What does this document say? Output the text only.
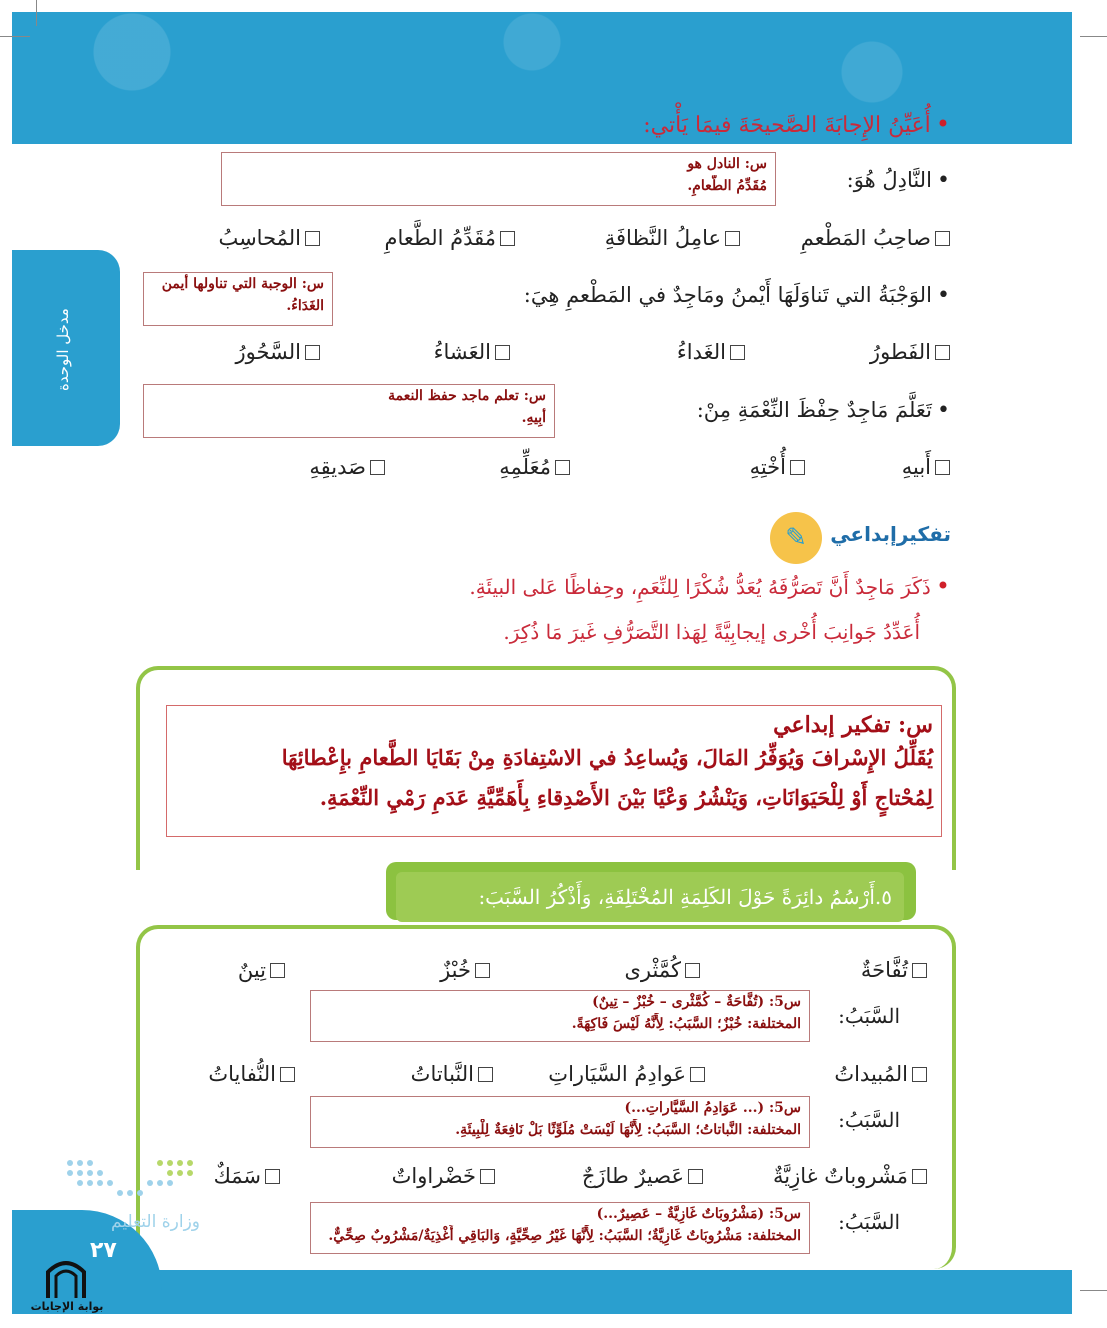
مدخل الوحدة
• أُعَيِّنُ الإِجابَةَ الصَّحيحَةَ فيمَا يَأْتي:
• النَّادِلُ هُوَ:
س: النادل هو
مُقَدِّمُ الطَّعامِ.
صاحِبُ المَطْعمِ
عامِلُ النَّظافَةِ
مُقَدِّمُ الطَّعامِ
المُحاسِبُ
• الوَجْبَةُ التي تَناوَلَهَا أَيْمنُ ومَاجِدٌ في المَطْعمِ هِيَ:
س: الوجبة التي تناولها أيمن
الغَدَاءُ.
الفَطورُ
الغَداءُ
العَشاءُ
السَّحُورُ
• تَعَلَّمَ مَاجِدٌ حِفْظَ النِّعْمَةِ مِنْ:
س: تعلم ماجد حفظ النعمة
أبِيهِ.
أَبيهِ
أُخْتِهِ
مُعَلِّمِهِ
صَديقِهِ
✎	تفكيرإبداعي
• ذَكَرَ مَاجِدٌ أَنَّ تَصَرُّفَهُ يُعَدُّ شُكْرًا لِلنِّعَمِ، وحِفاظًا عَلى البيئَةِ.
أُعَدِّدُ جَوانِبَ أُخْرى إيجابِيَّةً لِهَذا التَّصَرُّفِ غَيرَ مَا ذُكِرَ.
س: تفكير إبداعي
يُقَلِّلُ الإِسْرافَ وَيُوَفِّرُ المَالَ، وَيُساعِدُ في الاسْتِفادَةِ مِنْ بَقَايَا الطَّعامِ بإِعْطائِهَا
لِمُحْتاجٍ أَوْ لِلْحَيَوَانَاتِ، وَيَنْشُرُ وَعْيًا بَيْنَ الأَصْدِقاءِ بِأَهَمِّيَّةِ عَدَمِ رَمْيِ النِّعْمَةِ.
٥.أَرْسُمُ دائِرَةً حَوْلَ الكَلِمَةِ المُخْتَلِفَةِ، وَأَذْكُرُ السَّبَبَ:
تُفَّاحَةٌ
كُمَّثْرى
خُبْزٌ
تِينٌ
السَّبَبُ:
س5: (تُفَّاحَةٌ – كُمَّثْرى – خُبْزٌ – تِينٌ)
المختلفة: خُبْزٌ؛ السَّبَبُ: لِأَنَّهُ لَيْسَ فَاكِهَةً.
المُبيداتُ
عَوادِمُ السَّيَاراتِ
النَّباتاتُ
النُّفاياتُ
السَّبَبُ:
س5: (... عَوَادِمُ السَّيَّاراتِ...)
المختلفة: النَّباتاتُ؛ السَّبَبُ: لِأَنَّهَا لَيْسَتْ مُلَوِّثًا بَلْ نَافِعَةٌ لِلْبِيئَةِ.
مَشْروباتٌ غازِيَّةٌ
عَصيرٌ طازَجٌ
خَضْراواتٌ
سَمَكٌ
السَّبَبُ:
س5: (مَشْرُوبَاتٌ غَازِيَّةٌ – عَصِيرٌ...)
المختلفة: مَشْرُوبَاتٌ غَازِيَّةٌ؛ السَّبَبُ: لِأَنَّهَا غَيْرُ صِحِّيَّةٍ، وَالبَاقِي أَغْذِيَةٌ/مَشْرُوبٌ صِحِّيٌّ.
وزارة التعليم
٢٧
بوابة الإجابات
